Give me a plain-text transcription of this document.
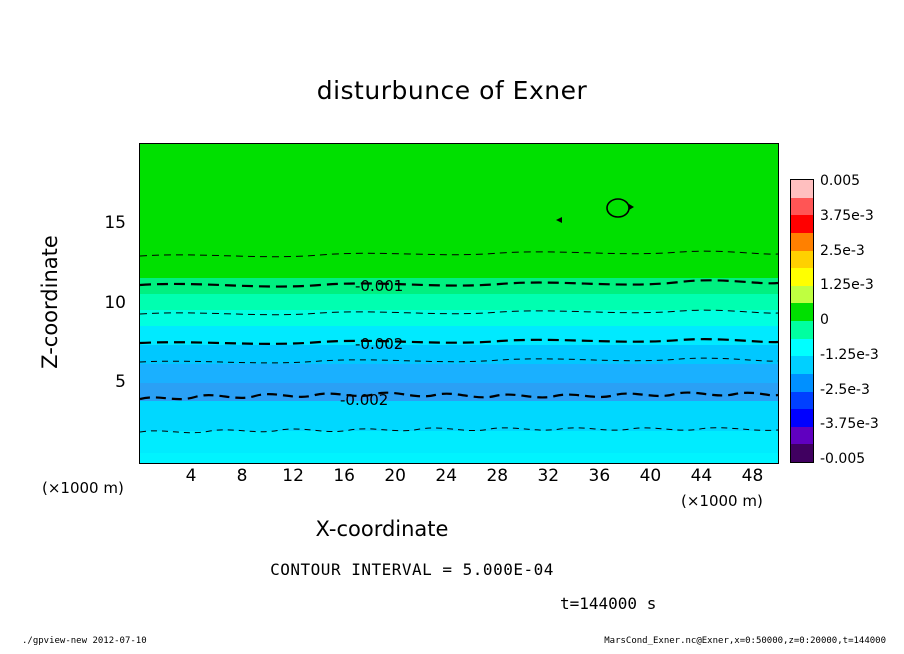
disturbunce of Exner
-0.001
-0.002
-0.002
4	8	12	16	20	24	28	32	36	40	44	48
5
10
15
Z-coordinate
X-coordinate
(×1000 m)
(×1000 m)
CONTOUR INTERVAL = 5.000E-04
t=144000 s
0.005
3.75e-3
2.5e-3
1.25e-3
0
-1.25e-3
-2.5e-3
-3.75e-3
-0.005
./gpview-new 2012-07-10	MarsCond_Exner.nc@Exner,x=0:50000,z=0:20000,t=144000
